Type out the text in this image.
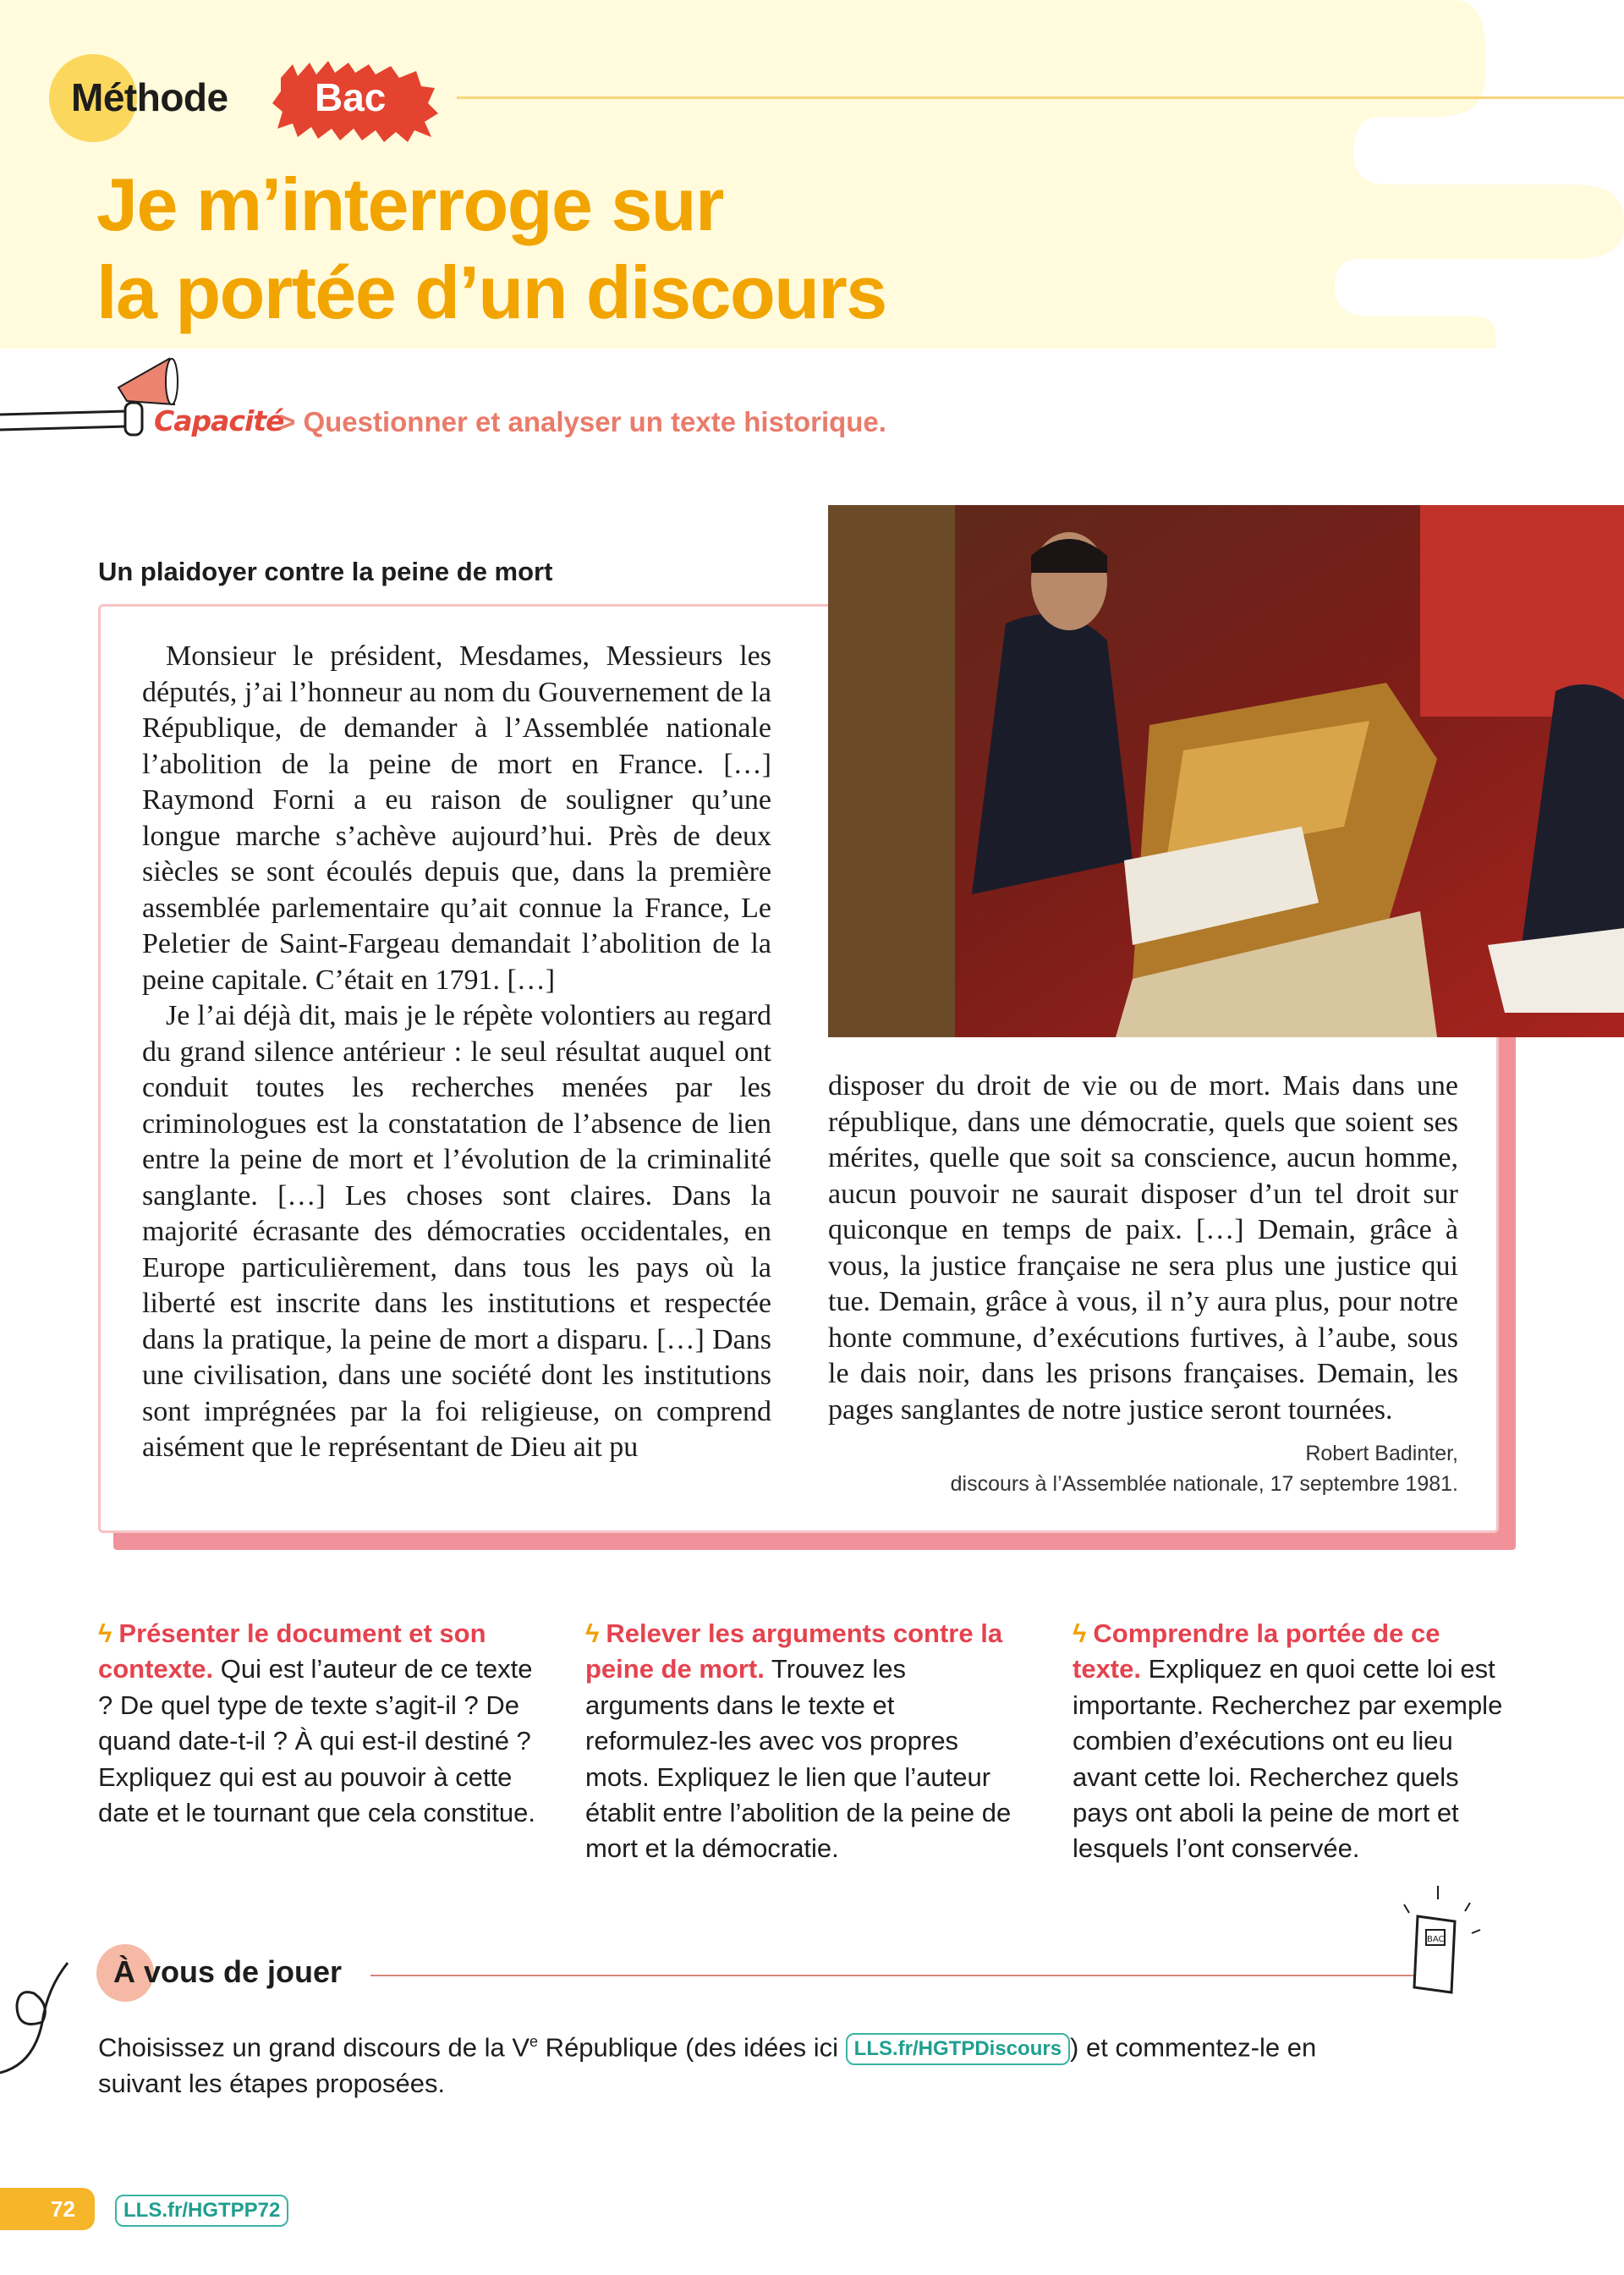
Méthode Bac
Je m’interroge sur
la portée d’un discours
Capacité
> Questionner et analyser un texte historique.
Un plaidoyer contre la peine de mort

Monsieur le président, Mesdames, Messieurs les députés, j’ai l’honneur au nom du Gouvernement de la République, de demander à l’Assemblée nationale l’abolition de la peine de mort en France. […] Raymond Forni a eu raison de souligner qu’une longue marche s’achève aujourd’hui. Près de deux siècles se sont écoulés depuis que, dans la première assemblée parlementaire qu’ait connue la France, Le Peletier de Saint-Fargeau demandait l’abolition de la peine capitale. C’était en 1791. […]

Je l’ai déjà dit, mais je le répète volontiers au regard du grand silence antérieur : le seul résultat auquel ont conduit toutes les recherches menées par les criminologues est la constatation de l’absence de lien entre la peine de mort et l’évolution de la criminalité sanglante. […] Les choses sont claires. Dans la majorité écrasante des démocraties occidentales, en Europe particulièrement, dans tous les pays où la liberté est inscrite dans les institutions et respectée dans la pratique, la peine de mort a disparu. […] Dans une civilisation, dans une société dont les institutions sont imprégnées par la foi religieuse, on comprend aisément que le représentant de Dieu ait pu

disposer du droit de vie ou de mort. Mais dans une république, dans une démocratie, quels que soient ses mérites, quelle que soit sa conscience, aucun homme, aucun pouvoir ne saurait disposer d’un tel droit sur quiconque en temps de paix. […] Demain, grâce à vous, la justice française ne sera plus une justice qui tue. Demain, grâce à vous, il n’y aura plus, pour notre honte commune, d’exécutions furtives, à l’aube, sous le dais noir, dans les prisons françaises. Demain, les pages sanglantes de notre justice seront tournées.
Robert Badinter,
discours à l’Assemblée nationale, 17 septembre 1981.
ϟ Présenter le document et son contexte. Qui est l’auteur de ce texte ? De quel type de texte s’agit-il ? De quand date-t-il ? À qui est-il destiné ? Expliquez qui est au pouvoir à cette date et le tournant que cela constitue.
ϟ Relever les arguments contre la peine de mort. Trouvez les arguments dans le texte et reformulez-les avec vos propres mots. Expliquez le lien que l’auteur établit entre l’abolition de la peine de mort et la démocratie.
ϟ Comprendre la portée de ce texte. Expliquez en quoi cette loi est importante. Recherchez par exemple combien d’exécutions ont eu lieu avant cette loi. Recherchez quels pays ont aboli la peine de mort et lesquels l’ont conservée.
À vous de jouer
BAC
Choisissez un grand discours de la Ve République (des idées ici LLS.fr/HGTPDiscours ) et commentez-le en suivant les étapes proposées.
72	LLS.fr/HGTPP72
